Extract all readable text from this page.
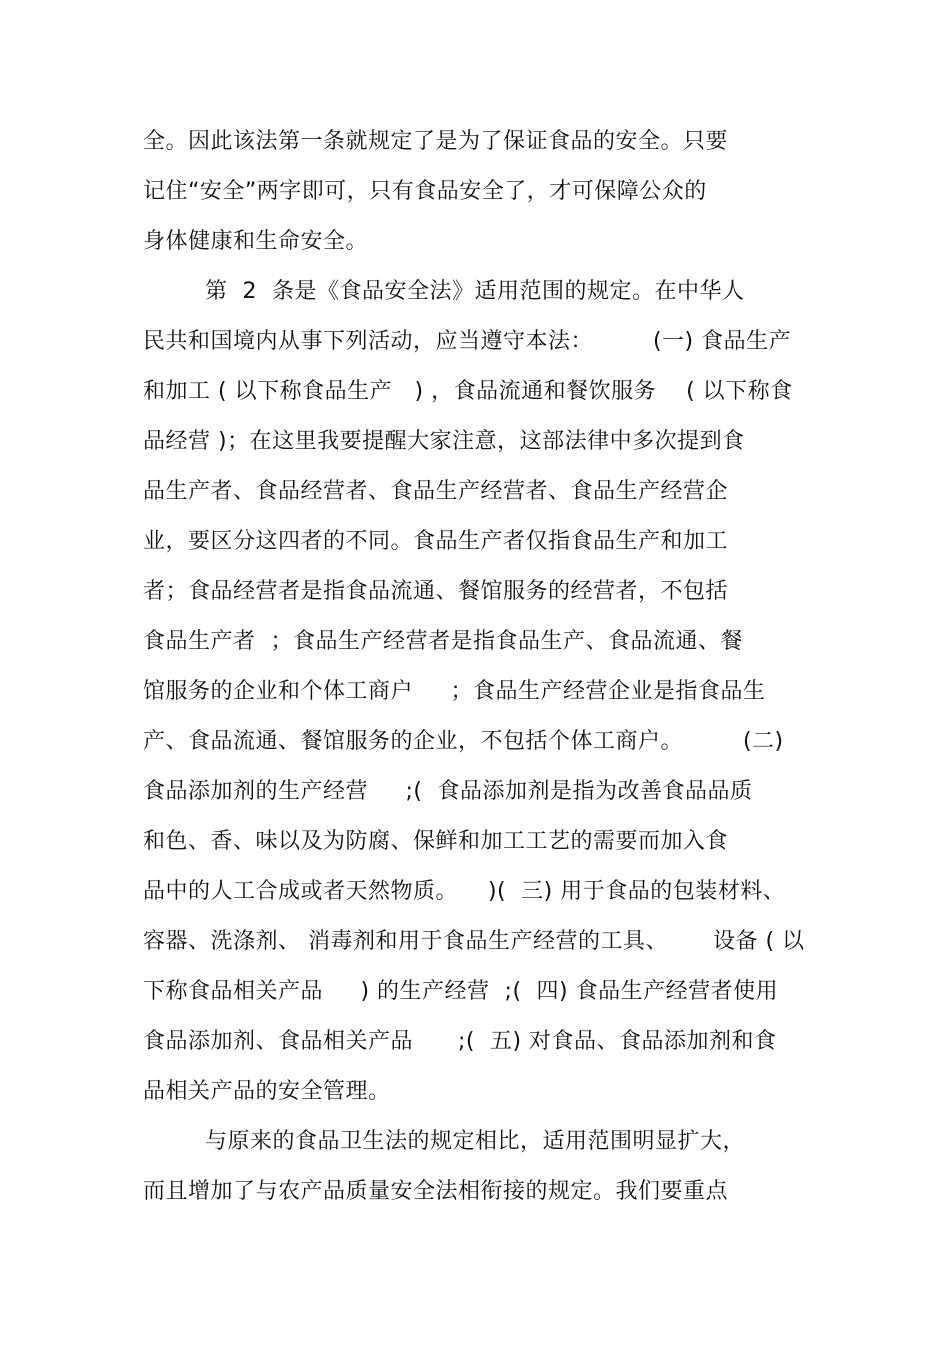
全。因此该法第一条就规定了是为了保证食品的安全。只要
记住“安全”两字即可，只有食品安全了，才可保障公众的
身体健康和生命安全。
第  2  条是《食品安全法》适用范围的规定。在中华人
民共和国境内从事下列活动，应当遵守本法：        (一) 食品生产
和加工 ( 以下称食品生产   ) ，食品流通和餐饮服务    ( 以下称食
品经营 )；在这里我要提醒大家注意，这部法律中多次提到食
品生产者、食品经营者、食品生产经营者、食品生产经营企
业，要区分这四者的不同。食品生产者仅指食品生产和加工
者；食品经营者是指食品流通、餐馆服务的经营者，不包括
食品生产者  ；食品生产经营者是指食品生产、食品流通、餐
馆服务的企业和个体工商户     ；食品生产经营企业是指食品生
产、食品流通、餐馆服务的企业，不包括个体工商户。        (二)
食品添加剂的生产经营     ;(  食品添加剂是指为改善食品品质
和色、香、味以及为防腐、保鲜和加工工艺的需要而加入食
品中的人工合成或者天然物质。    )(  三) 用于食品的包装材料、
容器、洗涤剂、 消毒剂和用于食品生产经营的工具、      设备 ( 以
下称食品相关产品     ) 的生产经营  ;(  四) 食品生产经营者使用
食品添加剂、食品相关产品      ;(  五) 对食品、食品添加剂和食
品相关产品的安全管理。
与原来的食品卫生法的规定相比，适用范围明显扩大，
而且增加了与农产品质量安全法相衔接的规定。我们要重点
